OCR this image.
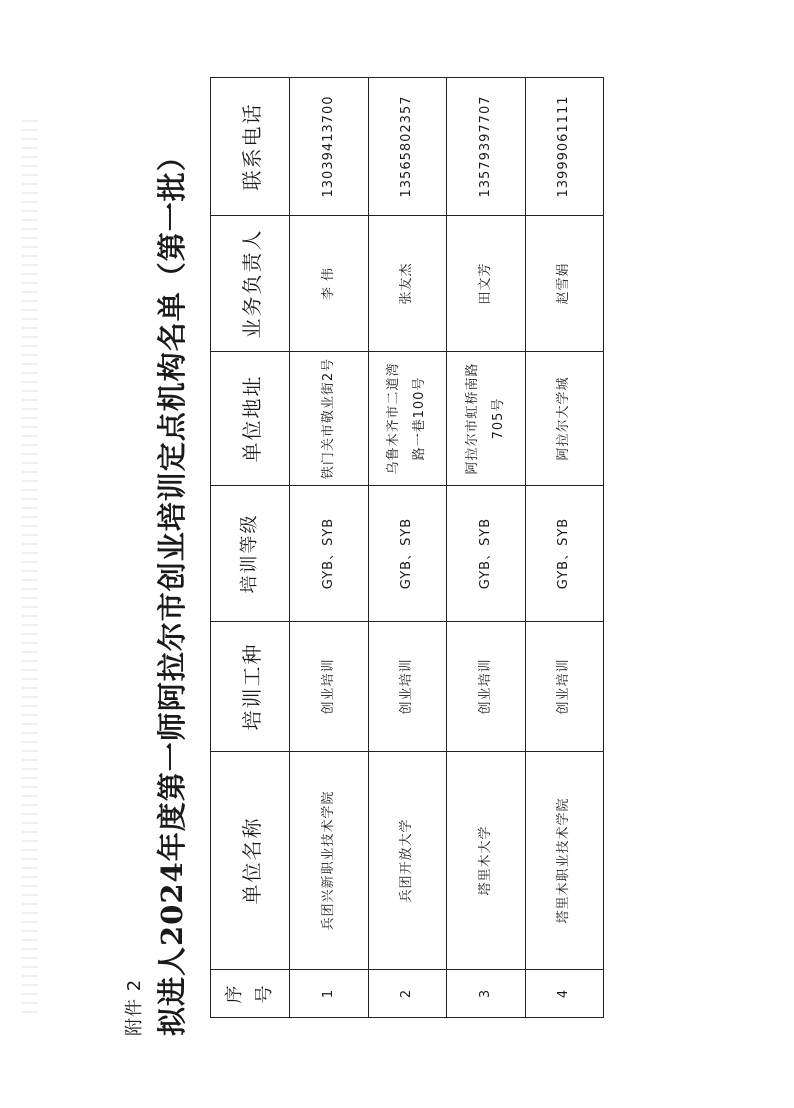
附件 2 拟进人2024年度第一师阿拉尔市创业培训定点机构名单（第一批） 序号	单位名称	培训工种	培训等级	单位地址	业务负责人	联系电话
1	兵团兴新职业技术学院	创业培训	GYB、SYB	铁门关市敬业街2号	李 伟	13039413700
2	兵团开放大学	创业培训	GYB、SYB	乌鲁木齐市二道湾路一巷100号	张友杰	13565802357
3	塔里木大学	创业培训	GYB、SYB	阿拉尔市虹桥南路705号	田文芳	13579397707
4	塔里木职业技术学院	创业培训	GYB、SYB	阿拉尔大学城	赵雪娟	13999061111
